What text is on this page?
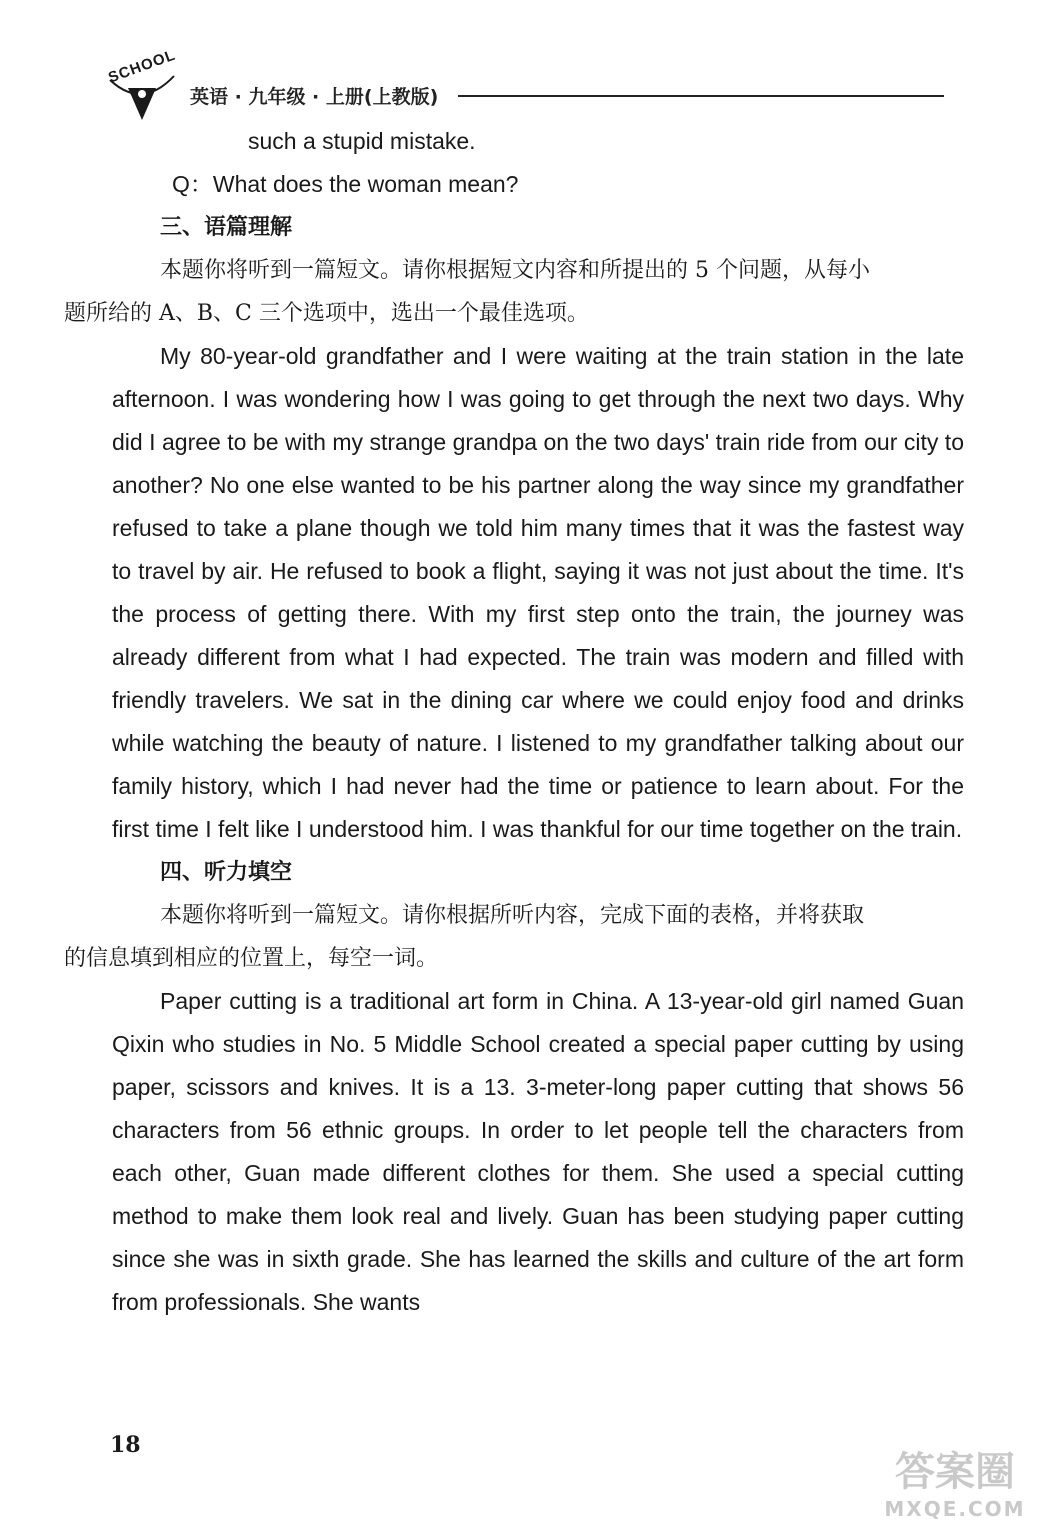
SCHOOL
英语 · 九年级 · 上册(上教版)
such a stupid mistake.
Q：What does the woman mean?
三、语篇理解
本题你将听到一篇短文。请你根据短文内容和所提出的 5 个问题，从每小
题所给的 A、B、C 三个选项中，选出一个最佳选项。

My 80-year-old grandfather and I were waiting at the train station in the late afternoon. I was wondering how I was going to get through the next two days. Why did I agree to be with my strange grandpa on the two days' train ride from our city to another? No one else wanted to be his partner along the way since my grandfather refused to take a plane though we told him many times that it was the fastest way to travel by air. He refused to book a flight, saying it was not just about the time. It's the process of getting there. With my first step onto the train, the journey was already different from what I had expected. The train was modern and filled with friendly travelers. We sat in the dining car where we could enjoy food and drinks while watching the beauty of nature. I listened to my grandfather talking about our family history, which I had never had the time or patience to learn about. For the first time I felt like I understood him. I was thankful for our time together on the train.

四、听力填空
本题你将听到一篇短文。请你根据所听内容，完成下面的表格，并将获取
的信息填到相应的位置上，每空一词。

Paper cutting is a traditional art form in China. A 13-year-old girl named Guan Qixin who studies in No. 5 Middle School created a special paper cutting by using paper, scissors and knives. It is a 13. 3-meter-long paper cutting that shows 56 characters from 56 ethnic groups. In order to let people tell the characters from each other, Guan made different clothes for them. She used a special cutting method to make them look real and lively. Guan has been studying paper cutting since she was in sixth grade. She has learned the skills and culture of the art form from professionals. She wants

18
答案圈
MXQE.COM
